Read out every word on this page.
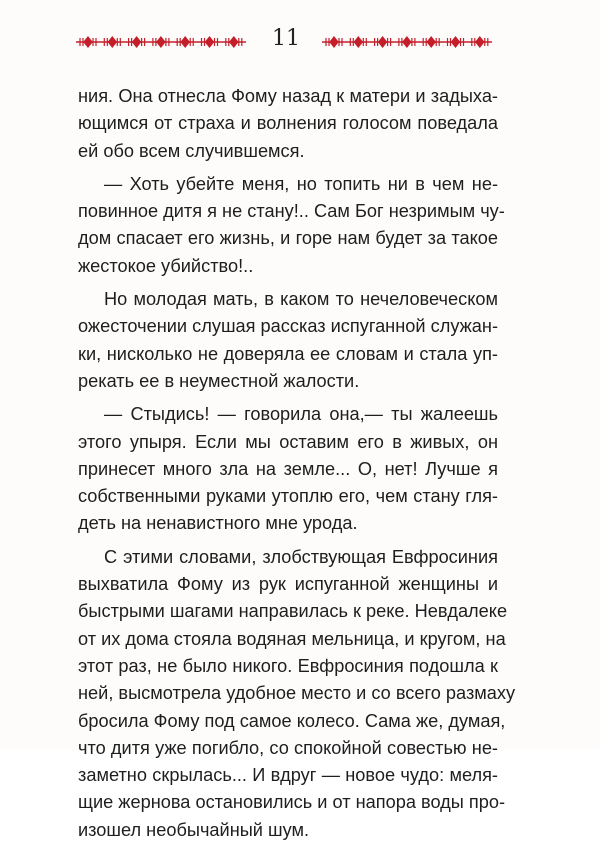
11
ния. Она отнесла Фому назад к матери и задыха-
ющимся от страха и волнения голосом поведала
ей обо всем случившемся.
— Хоть убейте меня, но топить ни в чем не-
повинное дитя я не стану!.. Сам Бог незримым чу-
дом спасает его жизнь, и горе нам будет за такое
жестокое убийство!..
Но молодая мать, в каком то нечеловеческом
ожесточении слушая рассказ испуганной служан-
ки, нисколько не доверяла ее словам и стала уп-
рекать ее в неуместной жалости.
— Стыдись! — говорила она,— ты жалеешь
этого упыря. Если мы оставим его в живых, он
принесет много зла на земле... О, нет! Лучше я
собственными руками утоплю его, чем стану гля-
деть на ненавистного мне урода.
С этими словами, злобствующая Евфросиния
выхватила Фому из рук испуганной женщины и
быстрыми шагами направилась к реке. Невдалеке
от их дома стояла водяная мельница, и кругом, на
этот раз, не было никого. Евфросиния подошла к
ней, высмотрела удобное место и со всего размаху
бросила Фому под самое колесо. Сама же, думая,
что дитя уже погибло, со спокойной совестью не-
заметно скрылась... И вдруг — новое чудо: меля-
щие жернова остановились и от напора воды про-
изошел необычайный шум.
